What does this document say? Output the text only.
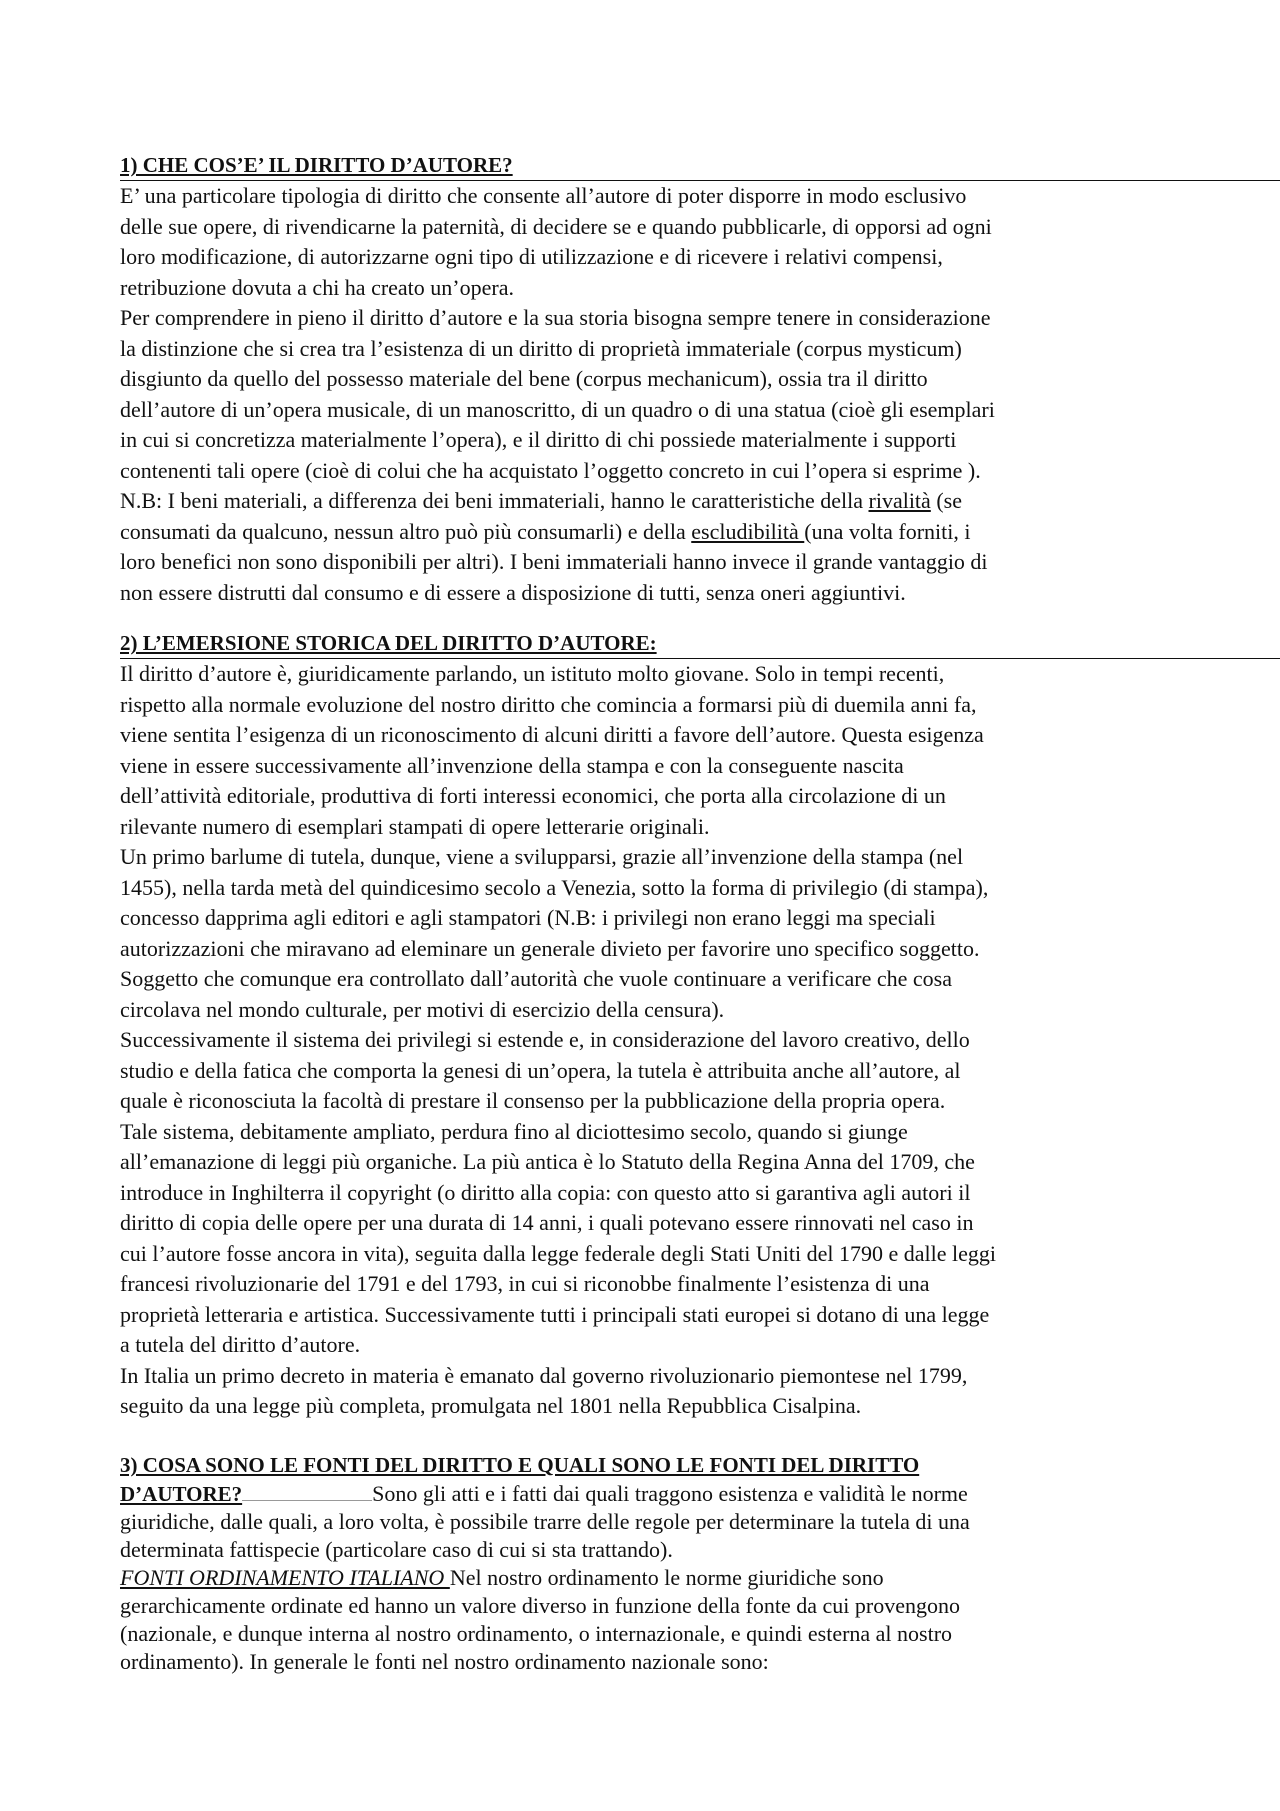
1) CHE COS’E’ IL DIRITTO D’AUTORE?

E’ una particolare tipologia di diritto che consente all’autore di poter disporre in modo esclusivo

delle sue opere, di rivendicarne la paternità, di decidere se e quando pubblicarle, di opporsi ad ogni

loro modificazione, di autorizzarne ogni tipo di utilizzazione e di ricevere i relativi compensi,

retribuzione dovuta a chi ha creato un’opera.

Per comprendere in pieno il diritto d’autore e la sua storia bisogna sempre tenere in considerazione

la distinzione che si crea tra l’esistenza di un diritto di proprietà immateriale (corpus mysticum)

disgiunto da quello del possesso materiale del bene (corpus mechanicum), ossia tra il diritto

dell’autore di un’opera musicale, di un manoscritto, di un quadro o di una statua (cioè gli esemplari

in cui si concretizza materialmente l’opera), e il diritto di chi possiede materialmente i supporti

contenenti tali opere (cioè di colui che ha acquistato l’oggetto concreto in cui l’opera si esprime ).

N.B: I beni materiali, a differenza dei beni immateriali, hanno le caratteristiche della rivalità (se

consumati da qualcuno, nessun altro può più consumarli) e della escludibilità (una volta forniti, i

loro benefici non sono disponibili per altri). I beni immateriali hanno invece il grande vantaggio di

non essere distrutti dal consumo e di essere a disposizione di tutti, senza oneri aggiuntivi.

2) L’EMERSIONE STORICA DEL DIRITTO D’AUTORE:

Il diritto d’autore è, giuridicamente parlando, un istituto molto giovane. Solo in tempi recenti,

rispetto alla normale evoluzione del nostro diritto che comincia a formarsi più di duemila anni fa,

viene sentita l’esigenza di un riconoscimento di alcuni diritti a favore dell’autore. Questa esigenza

viene in essere successivamente all’invenzione della stampa e con la conseguente nascita

dell’attività editoriale, produttiva di forti interessi economici, che porta alla circolazione di un

rilevante numero di esemplari stampati di opere letterarie originali.

Un primo barlume di tutela, dunque, viene a svilupparsi, grazie all’invenzione della stampa (nel

1455), nella tarda metà del quindicesimo secolo a Venezia, sotto la forma di privilegio (di stampa),

concesso dapprima agli editori e agli stampatori (N.B: i privilegi non erano leggi ma speciali

autorizzazioni che miravano ad eleminare un generale divieto per favorire uno specifico soggetto.

Soggetto che comunque era controllato dall’autorità che vuole continuare a verificare che cosa

circolava nel mondo culturale, per motivi di esercizio della censura).

Successivamente il sistema dei privilegi si estende e, in considerazione del lavoro creativo, dello

studio e della fatica che comporta la genesi di un’opera, la tutela è attribuita anche all’autore, al

quale è riconosciuta la facoltà di prestare il consenso per la pubblicazione della propria opera.

Tale sistema, debitamente ampliato, perdura fino al diciottesimo secolo, quando si giunge

all’emanazione di leggi più organiche. La più antica è lo Statuto della Regina Anna del 1709, che

introduce in Inghilterra il copyright (o diritto alla copia: con questo atto si garantiva agli autori il

diritto di copia delle opere per una durata di 14 anni, i quali potevano essere rinnovati nel caso in

cui l’autore fosse ancora in vita), seguita dalla legge federale degli Stati Uniti del 1790 e dalle leggi

francesi rivoluzionarie del 1791 e del 1793, in cui si riconobbe finalmente l’esistenza di una

proprietà letteraria e artistica. Successivamente tutti i principali stati europei si dotano di una legge

a tutela del diritto d’autore.

In Italia un primo decreto in materia è emanato dal governo rivoluzionario piemontese nel 1799,

seguito da una legge più completa, promulgata nel 1801 nella Repubblica Cisalpina.

3) COSA SONO LE FONTI DEL DIRITTO E QUALI SONO LE FONTI DEL DIRITTO

D’AUTORE?	Sono gli atti e i fatti dai quali traggono esistenza e validità le norme

giuridiche, dalle quali, a loro volta, è possibile trarre delle regole per determinare la tutela di una

determinata fattispecie (particolare caso di cui si sta trattando).

FONTI ORDINAMENTO ITALIANO Nel nostro ordinamento le norme giuridiche sono

gerarchicamente ordinate ed hanno un valore diverso in funzione della fonte da cui provengono

(nazionale, e dunque interna al nostro ordinamento, o internazionale, e quindi esterna al nostro

ordinamento). In generale le fonti nel nostro ordinamento nazionale sono:
